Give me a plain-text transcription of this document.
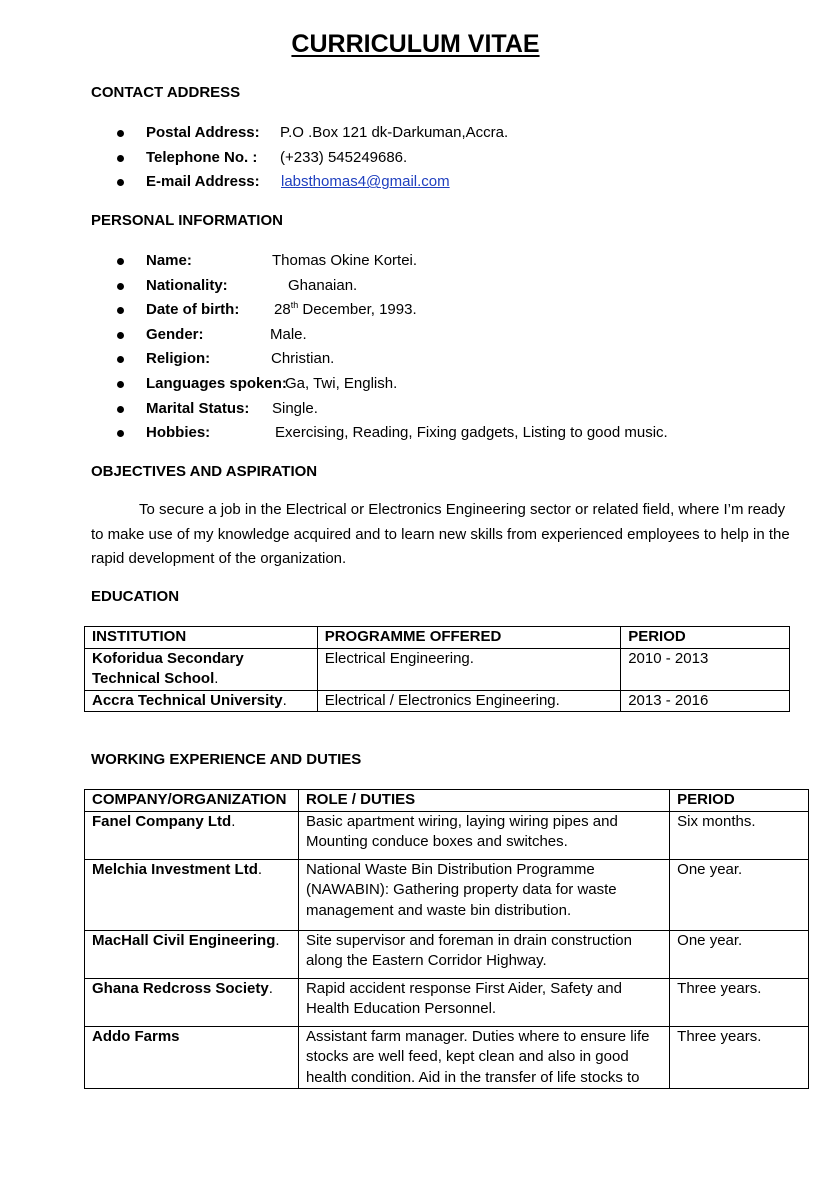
CURRICULUM VITAE
CONTACT ADDRESS
Postal Address: P.O .Box 121 dk-Darkuman,Accra.
Telephone No. : (+233) 545249686.
E-mail Address: labsthomas4@gmail.com
PERSONAL INFORMATION
Name:	Thomas Okine Kortei.
Nationality:	Ghanaian.
Date of birth: 28th December, 1993.
Gender:	Male.
Religion:	Christian.
Languages spoken:
Ga, Twi, English.
Marital Status: Single.
Hobbies:	Exercising, Reading, Fixing gadgets, Listing to good music.
OBJECTIVES AND ASPIRATION

To secure a job in the Electrical or Electronics Engineering sector or related field, where I’m ready to make use of my knowledge acquired and to learn new skills from experienced employees to help in the rapid development of the organization.

EDUCATION
INSTITUTION	PROGRAMME OFFERED	PERIOD
Koforidua Secondary Technical School.	Electrical Engineering.	2010 - 2013
Accra Technical University.	Electrical / Electronics Engineering.	2013 - 2016
WORKING EXPERIENCE AND DUTIES
COMPANY/ORGANIZATION	ROLE / DUTIES	PERIOD
Fanel Company Ltd.	Basic apartment wiring, laying wiring pipes and Mounting conduce boxes and switches.	Six months.
Melchia Investment Ltd.	National Waste Bin Distribution Programme (NAWABIN): Gathering property data for waste management and waste bin distribution.	One year.
MacHall Civil Engineering.	Site supervisor and foreman in drain construction along the Eastern Corridor Highway.	One year.
Ghana Redcross Society.	Rapid accident response First Aider, Safety and Health Education Personnel.	Three years.
Addo Farms	Assistant farm manager. Duties where to ensure life stocks are well feed, kept clean and also in good health condition. Aid in the transfer of life stocks to	Three years.
